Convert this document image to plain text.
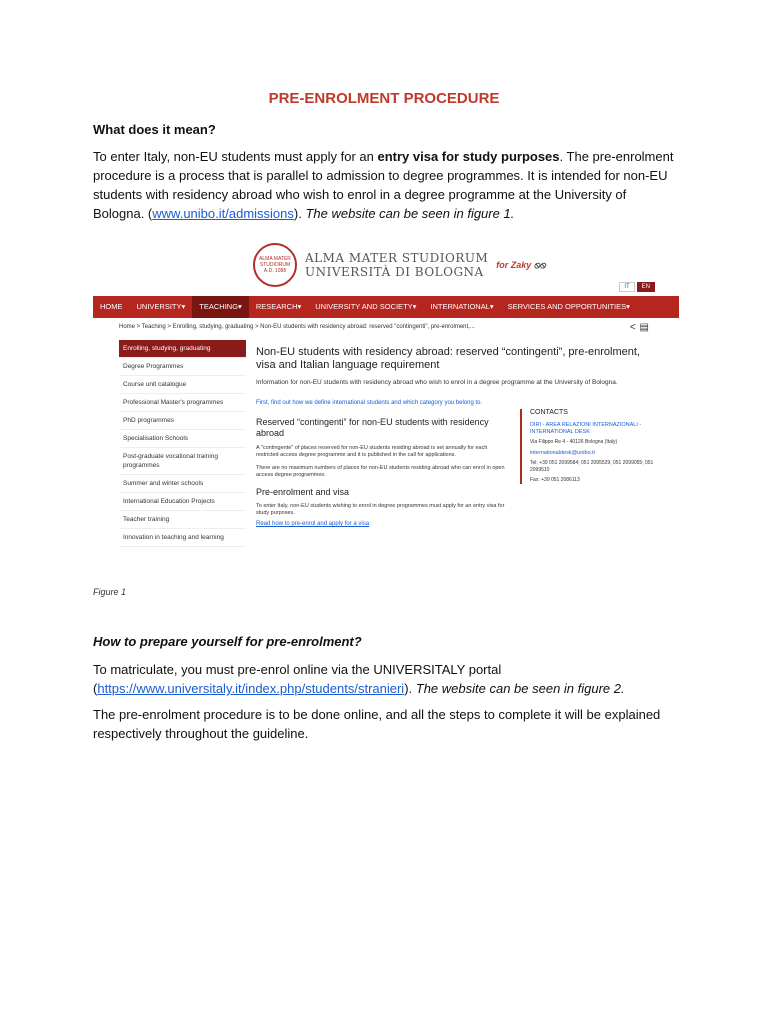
PRE-ENROLMENT PROCEDURE
What does it mean?
To enter Italy, non-EU students must apply for an entry visa for study purposes. The pre-enrolment procedure is a process that is parallel to admission to degree programmes. It is intended for non-EU students with residency abroad who wish to enrol in a degree programme at the University of Bologna. (www.unibo.it/admissions). The website can be seen in figure 1.
ALMA MATER STUDIORUM A.D. 1088
ALMA MATER STUDIORUM
UNIVERSITÀ DI BOLOGNA
for Zaky ⦸⦸
IT	EN
HOME	UNIVERSITY▾	TEACHING▾	RESEARCH▾	UNIVERSITY AND SOCIETY▾	INTERNATIONAL▾	SERVICES AND OPPORTUNITIES▾
Home > Teaching > Enrolling, studying, graduating > Non-EU students with residency abroad: reserved "contingenti", pre-enrolment,...	<▤
Enrolling, studying, graduating
Degree Programmes
Course unit catalogue
Professional Master's programmes
PhD programmes
Specialisation Schools
Post-graduate vocational training programmes
Summer and winter schools
International Education Projects
Teacher training
Innovation in teaching and learning
Non-EU students with residency abroad: reserved “contingenti”, pre-enrolment, visa and Italian language requirement
Information for non-EU students with residency abroad who wish to enrol in a degree programme at the University of Bologna.
First, find out how we define international students and which category you belong to.
Reserved “contingenti” for non-EU students with residency abroad
A "contingente" of places reserved for non-EU students residing abroad is set annually for each restricted access degree programme and it is published in the call for applications.
There are no maximum numbers of places for non-EU students residing abroad who can enrol in open access degree programmes.
Pre-enrolment and visa
To enter Italy, non-EU students wishing to enrol in degree programmes must apply for an entry visa for study purposes.
Read how to pre-enrol and apply for a visa
CONTACTS
DIRI - AREA RELAZIONI INTERNAZIONALI - INTERNATIONAL DESK
Via Filippo Re 4 - 40126 Bologna (Italy)
internationaldesk@unibo.it
Tel: +39 051 2099584; 051 2095529; 051 2099055; 051 2099510
Fax: +39 051 2086113
Figure 1
How to prepare yourself for pre-enrolment?
To matriculate, you must pre-enrol online via the UNIVERSITALY portal (https://www.universitaly.it/index.php/students/stranieri). The website can be seen in figure 2.
The pre-enrolment procedure is to be done online, and all the steps to complete it will be explained respectively throughout the guideline.
